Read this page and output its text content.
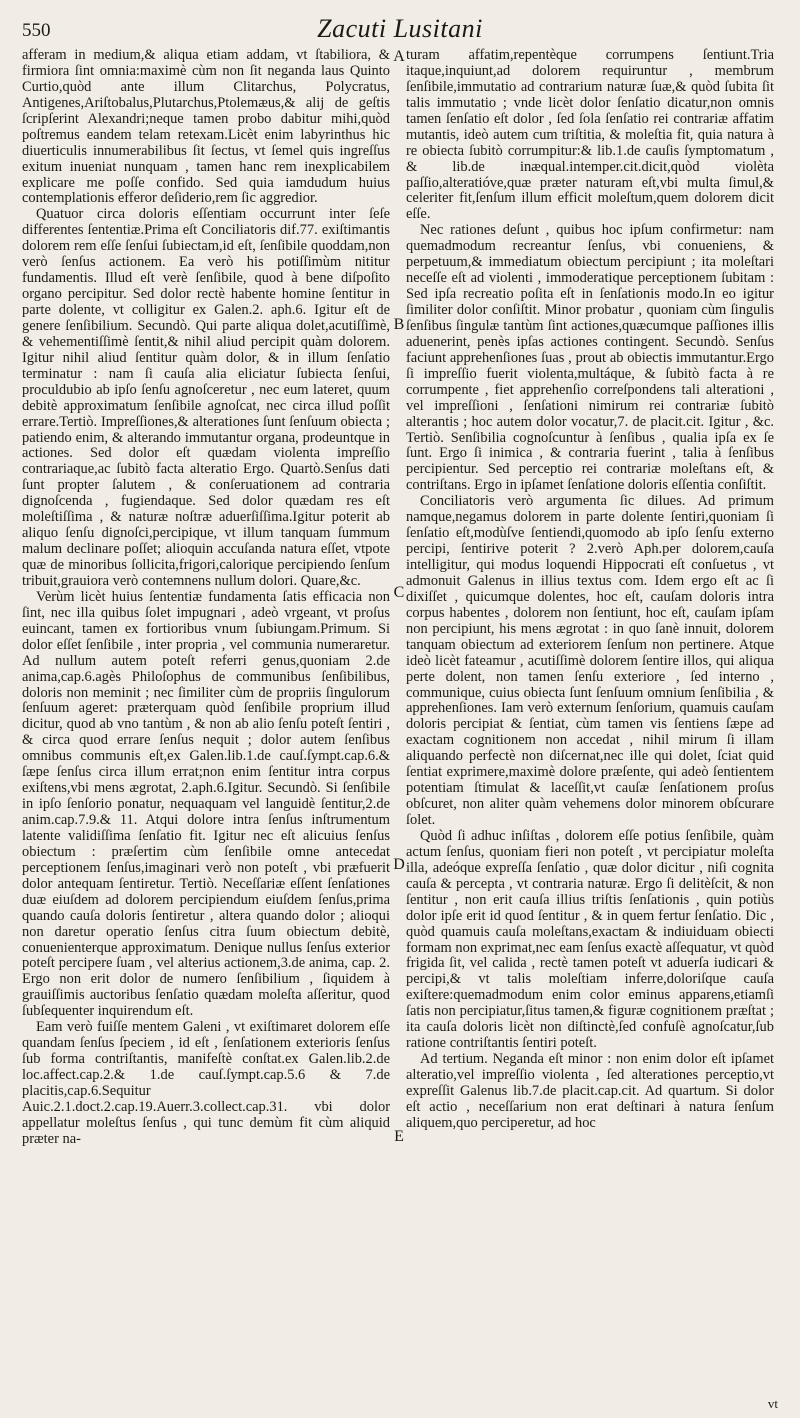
550	Zacuti Lusitani

afferam in medium,& aliqua etiam addam, vt ſtabiliora, & firmiora ſint omnia:maximè cùm non ſit neganda laus Quinto Curtio,quòd ante illum Clitarchus, Polycratus, Antigenes,Ariſtobalus,Plutarchus,Ptolemæus,& alij de geſtis ſcripſerint Alexandri;neque tamen probo dabitur mihi,quòd poſtremus eandem telam retexam.Licèt enim labyrinthus hic diuerticulis innumerabilibus ſit ſectus, vt ſemel quis ingreſſus exitum inueniat nunquam , tamen hanc rem inexplicabilem explicare me poſſe confido. Sed quia iamdudum huius contemplationis efferor deſiderio,rem ſic aggredior.

Quatuor circa doloris eſſentiam occurrunt inter ſeſe differentes ſententiæ.Prima eſt Conciliatoris dif.77. exiſtimantis dolorem rem eſſe ſenſui ſubiectam,id eſt, ſenſibile quoddam,non verò ſenſus actionem. Ea verò his potiſſimùm nititur fundamentis. Illud eſt verè ſenſibile, quod à bene diſpoſito organo percipitur. Sed dolor rectè habente homine ſentitur in parte dolente, vt colligitur ex Galen.2. aph.6. Igitur eſt de genere ſenſibilium. Secundò. Qui parte aliqua dolet,acutiſſimè, & vehementiſſimè ſentit,& nihil aliud percipit quàm dolorem. Igitur nihil aliud ſentitur quàm dolor, & in illum ſenſatio terminatur : nam ſi cauſa alia eliciatur ſubiecta ſenſui, proculdubio ab ipſo ſenſu agnoſceretur , nec eum lateret, quum debitè approximatum ſenſibile agnoſcat, nec circa illud poſſit errare.Tertiò. Impreſſiones,& alterationes ſunt ſenſuum obiecta ; patiendo enim, & alterando immutantur organa, prodeuntque in actiones. Sed dolor eſt quædam violenta impreſſio contrariaque,ac ſubitò facta alteratio Ergo. Quartò.Senſus dati ſunt propter ſalutem , & conſeruationem ad contraria dignoſcenda , fugiendaque. Sed dolor quædam res eſt moleſtiſſima , & naturæ noſtræ aduerſiſſima.Igitur poterit ab aliquo ſenſu dignoſci,percipique, vt illum tanquam ſummum malum declinare poſſet; alioquin accuſanda natura eſſet, vtpote quæ de minoribus ſollicita,frigori,calorique percipiendo ſenſum tribuit,grauiora verò contemnens nullum dolori. Quare,&c.

Verùm licèt huius ſententiæ fundamenta ſatis efficacia non ſint, nec illa quibus ſolet impugnari , adeò vrgeant, vt proſus euincant, tamen ex fortioribus vnum ſubiungam.Primum. Si dolor eſſet ſenſibile , inter propria , vel communia numeraretur. Ad nullum autem poteſt referri genus,quoniam 2.de anima,cap.6.agès Philoſophus de communibus ſenſibilibus, doloris non meminit ; nec ſimiliter cùm de propriis ſingulorum ſenſuum ageret: præterquam quòd ſenſibile proprium illud dicitur, quod ab vno tantùm , & non ab alio ſenſu poteſt ſentiri , & circa quod errare ſenſus nequit ; dolor autem ſenſibus omnibus communis eſt,ex Galen.lib.1.de cauſ.ſympt.cap.6.& ſæpe ſenſus circa illum errat;non enim ſentitur intra corpus exiſtens,vbi mens ægrotat, 2.aph.6.Igitur. Secundò. Si ſenſibile in ipſo ſenſorio ponatur, nequaquam vel languidè ſentitur,2.de anim.cap.7.9.& 11. Atqui dolore intra ſenſus inſtrumentum latente validiſſima ſenſatio fit. Igitur nec eſt alicuius ſenſus obiectum : præſertim cùm ſenſibile omne antecedat perceptionem ſenſus,imaginari verò non poteſt , vbi præfuerit dolor antequam ſentiretur. Tertiò. Neceſſariæ eſſent ſenſationes duæ eiuſdem ad dolorem percipiendum eiuſdem ſenſus,prima quando cauſa doloris ſentiretur , altera quando dolor ; alioqui non daretur operatio ſenſus citra ſuum obiectum debitè, conuenienterque approximatum. Denique nullus ſenſus exterior poteſt percipere ſuam , vel alterius actionem,3.de anima, cap. 2. Ergo non erit dolor de numero ſenſibilium , ſiquidem à grauiſſimis auctoribus ſenſatio quædam moleſta aſſeritur, quod ſubſequenter inquirendum eſt.

Eam verò fuiſſe mentem Galeni , vt exiſtimaret dolorem eſſe quandam ſenſus ſpeciem , id eſt , ſenſationem exterioris ſenſus ſub forma contriſtantis, manifeſtè conſtat.ex Galen.lib.2.de loc.affect.cap.2.& 1.de cauſ.ſympt.cap.5.6 & 7.de placitis,cap.6.Sequitur Auic.2.1.doct.2.cap.19.Auerr.3.collect.cap.31. vbi dolor appellatur moleſtus ſenſus , qui tunc demùm fit cùm aliquid præter na-

A
B
C
D
E

turam affatim,repentèque corrumpens ſentiunt.Tria itaque,inquiunt,ad dolorem requiruntur , membrum ſenſibile,immutatio ad contrarium naturæ ſuæ,& quòd ſubita ſit talis immutatio ; vnde licèt dolor ſenſatio dicatur,non omnis tamen ſenſatio eſt dolor , ſed ſola ſenſatio rei contrariæ affatim mutantis, ideò autem cum triſtitia, & moleſtia fit, quia natura à re obiecta ſubitò corrumpitur:& lib.1.de cauſis ſymptomatum , & lib.de inæqual.intemper.cit.dicit,quòd violèta paſſio,alteratióve,quæ præter naturam eſt,vbi multa ſimul,& celeriter fit,ſenſum illum efficit moleſtum,quem dolorem dicit eſſe.

Nec rationes deſunt , quibus hoc ipſum confirmetur: nam quemadmodum recreantur ſenſus, vbi conueniens, & perpetuum,& immediatum obiectum percipiunt ; ita moleſtari neceſſe eſt ad violenti , immoderatique perceptionem ſubitam : Sed ipſa recreatio poſita eſt in ſenſationis modo.In eo igitur ſimiliter dolor conſiſtit. Minor probatur , quoniam cùm ſingulis ſenſibus ſingulæ tantùm ſint actiones,quæcumque paſſiones illis aduenerint, penès ipſas actiones contingent. Secundò. Senſus faciunt apprehenſiones ſuas , prout ab obiectis immutantur.Ergo ſi impreſſio fuerit violenta,multáque, & ſubitò facta à re corrumpente , fiet apprehenſio correſpondens tali alterationi , vel impreſſioni , ſenſationi nimirum rei contrariæ ſubitò alterantis ; hoc autem dolor vocatur,7. de placit.cit. Igitur , &c. Tertiò. Senſibilia cognoſcuntur à ſenſibus , qualia ipſa ex ſe ſunt. Ergo ſi inimica , & contraria fuerint , talia à ſenſibus percipientur. Sed perceptio rei contrariæ moleſtans eſt, & contriſtans. Ergo in ipſamet ſenſatione doloris eſſentia conſiſtit.

Conciliatoris verò argumenta ſic dilues. Ad primum namque,negamus dolorem in parte dolente ſentiri,quoniam ſi ſenſatio eſt,modùſve ſentiendi,quomodo ab ipſo ſenſu externo percipi, ſentirive poterit ? 2.verò Aph.per dolorem,cauſa intelligitur, qui modus loquendi Hippocrati eſt conſuetus , vt admonuit Galenus in illius textus com. Idem ergo eſt ac ſi dixiſſet , quicumque dolentes, hoc eſt, cauſam doloris intra corpus habentes , dolorem non ſentiunt, hoc eſt, cauſam ipſam non percipiunt, his mens ægrotat : in quo ſanè innuit, dolorem tanquam obiectum ad exteriorem ſenſum non pertinere. Atque ideò licèt fateamur , acutiſſimè dolorem ſentire illos, qui aliqua perte dolent, non tamen ſenſu exteriore , ſed interno , communique, cuius obiecta ſunt ſenſuum omnium ſenſibilia , & apprehenſiones. Iam verò externum ſenſorium, quamuis cauſam doloris percipiat & ſentiat, cùm tamen vis ſentiens ſæpe ad exactam cognitionem non accedat , nihil mirum ſi illam aliquando perfectè non diſcernat,nec ille qui dolet, ſciat quid ſentiat exprimere,maximè dolore præſente, qui adeò ſentientem potentiam ſtimulat & laceſſit,vt cauſæ ſenſationem proſus obſcuret, non aliter quàm vehemens dolor minorem obſcurare ſolet.

Quòd ſi adhuc inſiſtas , dolorem eſſe potius ſenſibile, quàm actum ſenſus, quoniam fieri non poteſt , vt percipiatur moleſta illa, adeóque expreſſa ſenſatio , quæ dolor dicitur , niſi cognita cauſa & percepta , vt contraria naturæ. Ergo ſi delitèſcit, & non ſentitur , non erit cauſa illius triſtis ſenſationis , quin potiùs dolor ipſe erit id quod ſentitur , & in quem fertur ſenſatio. Dic , quòd quamuis cauſa moleſtans,exactam & indiuiduam obiecti formam non exprimat,nec eam ſenſus exactè aſſequatur, vt quòd frigida ſit, vel calida , rectè tamen poteſt vt aduerſa iudicari & percipi,& vt talis moleſtiam inferre,doloriſque cauſa exiſtere:quemadmodum enim color eminus apparens,etiamſi ſatis non percipiatur,ſitus tamen,& figuræ cognitionem præſtat ; ita cauſa doloris licèt non diſtinctè,ſed confuſè agnoſcatur,ſub ratione contriſtantis ſentiri poteſt.

Ad tertium. Neganda eſt minor : non enim dolor eſt ipſamet alteratio,vel impreſſio violenta , ſed alterationes perceptio,vt expreſſit Galenus lib.7.de placit.cap.cit. Ad quartum. Si dolor eſt actio , neceſſarium non erat deſtinari à natura ſenſum aliquem,quo perciperetur, ad hoc

vt
